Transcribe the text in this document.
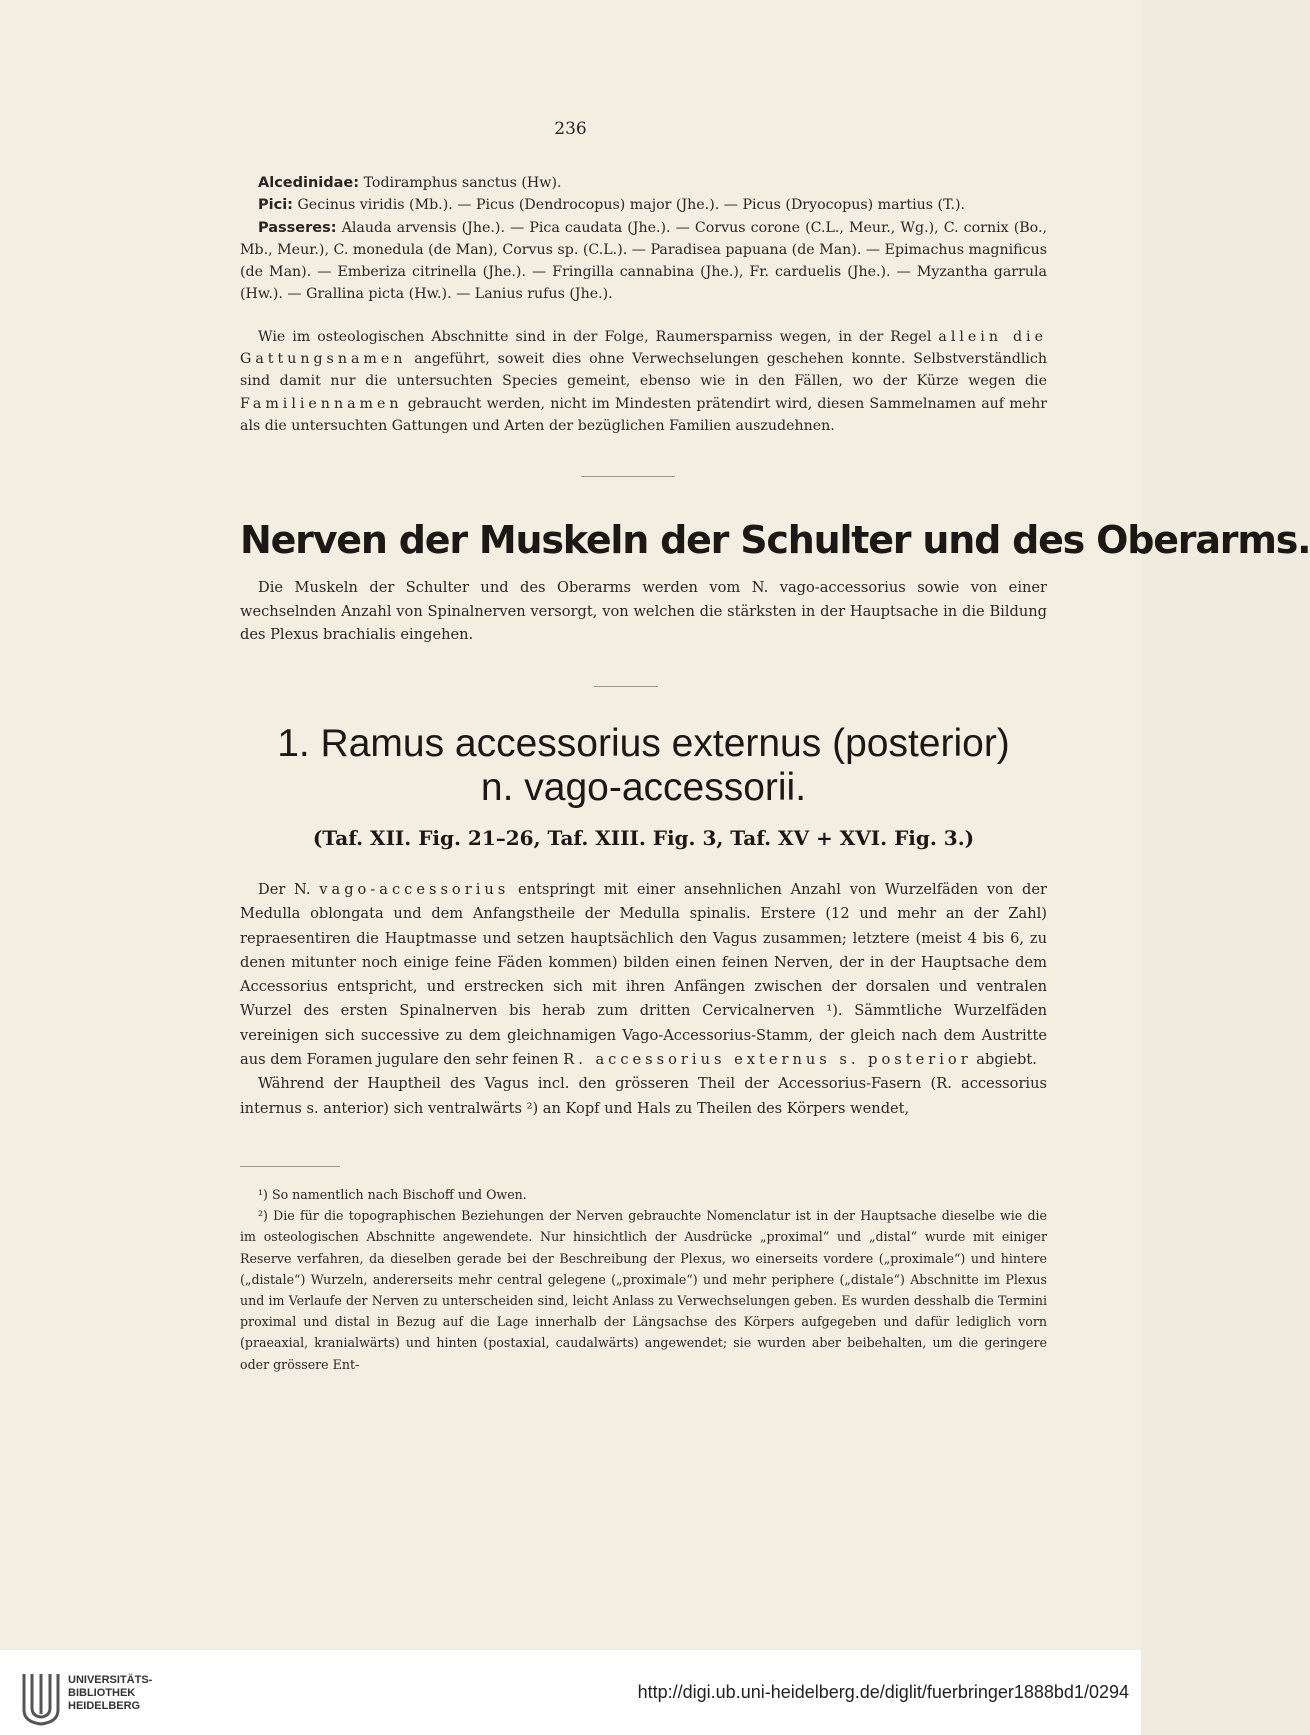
236

Alcedinidae: Todiramphus sanctus (Hw).

Pici: Gecinus viridis (Mb.). — Picus (Dendrocopus) major (Jhe.). — Picus (Dryocopus) martius (T.).

Passeres: Alauda arvensis (Jhe.). — Pica caudata (Jhe.). — Corvus corone (C.L., Meur., Wg.), C. cornix (Bo., Mb., Meur.), C. monedula (de Man), Corvus sp. (C.L.). — Paradisea papuana (de Man). — Epimachus magnificus (de Man). — Emberiza citrinella (Jhe.). — Fringilla cannabina (Jhe.), Fr. carduelis (Jhe.). — Myzantha garrula (Hw.). — Grallina picta (Hw.). — Lanius rufus (Jhe.).

Wie im osteologischen Abschnitte sind in der Folge, Raumersparniss wegen, in der Regel allein die Gattungsnamen angeführt, soweit dies ohne Verwechselungen geschehen konnte. Selbstverständlich sind damit nur die untersuchten Species gemeint, ebenso wie in den Fällen, wo der Kürze wegen die Familiennamen gebraucht werden, nicht im Mindesten prätendirt wird, diesen Sammelnamen auf mehr als die untersuchten Gattungen und Arten der bezüglichen Familien auszudehnen.

Nerven der Muskeln der Schulter und des Oberarms.

Die Muskeln der Schulter und des Oberarms werden vom N. vago-accessorius sowie von einer wechselnden Anzahl von Spinalnerven versorgt, von welchen die stärksten in der Hauptsache in die Bildung des Plexus brachialis eingehen.

1. Ramus accessorius externus (posterior)
n. vago-accessorii.
(Taf. XII. Fig. 21–26, Taf. XIII. Fig. 3, Taf. XV + XVI. Fig. 3.)

Der N. vago-accessorius entspringt mit einer ansehnlichen Anzahl von Wurzelfäden von der Medulla oblongata und dem Anfangstheile der Medulla spinalis. Erstere (12 und mehr an der Zahl) repraesentiren die Hauptmasse und setzen hauptsächlich den Vagus zusammen; letztere (meist 4 bis 6, zu denen mitunter noch einige feine Fäden kommen) bilden einen feinen Nerven, der in der Hauptsache dem Accessorius entspricht, und erstrecken sich mit ihren Anfängen zwischen der dorsalen und ventralen Wurzel des ersten Spinalnerven bis herab zum dritten Cervicalnerven ¹). Sämmtliche Wurzelfäden vereinigen sich successive zu dem gleichnamigen Vago-Accessorius-Stamm, der gleich nach dem Austritte aus dem Foramen jugulare den sehr feinen R. accessorius externus s. posterior abgiebt.

Während der Hauptheil des Vagus incl. den grösseren Theil der Accessorius-Fasern (R. accessorius internus s. anterior) sich ventralwärts ²) an Kopf und Hals zu Theilen des Körpers wendet,

¹) So namentlich nach Bischoff und Owen.

²) Die für die topographischen Beziehungen der Nerven gebrauchte Nomenclatur ist in der Hauptsache dieselbe wie die im osteologischen Abschnitte angewendete. Nur hinsichtlich der Ausdrücke „proximal“ und „distal“ wurde mit einiger Reserve verfahren, da dieselben gerade bei der Beschreibung der Plexus, wo einerseits vordere („proximale“) und hintere („distale“) Wurzeln, andererseits mehr central gelegene („proximale“) und mehr periphere („distale“) Abschnitte im Plexus und im Verlaufe der Nerven zu unterscheiden sind, leicht Anlass zu Verwechselungen geben. Es wurden desshalb die Termini proximal und distal in Bezug auf die Lage innerhalb der Längsachse des Körpers aufgegeben und dafür lediglich vorn (praeaxial, kranialwärts) und hinten (postaxial, caudalwärts) angewendet; sie wurden aber beibehalten, um die geringere oder grössere Ent-

UNIVERSITÄTS-
BIBLIOTHEK
HEIDELBERG
http://digi.ub.uni-heidelberg.de/diglit/fuerbringer1888bd1/0294
